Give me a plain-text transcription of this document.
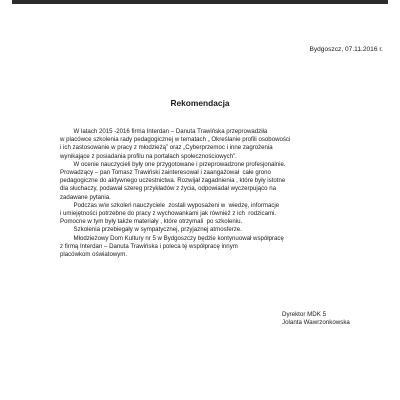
Bydgoszcz, 07.11.2016 r.
Rekomendacja
W latach 2015 -2016 firma Interdan – Danuta Trawińska przeprowadziła
w placówce szkolenia rady pedagogicznej w tematach „ Określanie profili osobowości
i ich zastosowanie w pracy z młodzieżą” oraz „Cyberprzemoc i inne zagrożenia
wynikające z posiadania profilu na portalach społecznościowych”.
W ocenie nauczycieli były one przygotowane i przeprowadzone profesjonalnie.
Prowadzący – pan Tomasz Trawiński zainteresował i zaangażował  całe grono
pedagogiczne do aktywnego uczestnictwa. Rozwijał zagadnienia , które były istotne
dla słuchaczy, podawał szereg przykładów z życia, odpowiadał wyczerpująco na
zadawane pytania.
Podczas w/w szkoleń nauczyciele  zostali wyposażeni w  wiedzę, informacje
i umiejętności potrzebne do pracy z wychowankami jak również z ich  rodzicami.
Pomocne w tym były także materiały , które otrzymali  po szkoleniu.
Szkolenia przebiegały w sympatycznej, przyjaznej atmosferze.
Młodzieżowy Dom Kultury nr 5 w Bydgoszczy będzie kontynuował współpracę
z firmą Interdan – Danuta Trawińska i poleca tę współpracę innym
placówkom oświatowym.
Dyrektor MDK 5
Jolanta Wawrzonkowska
